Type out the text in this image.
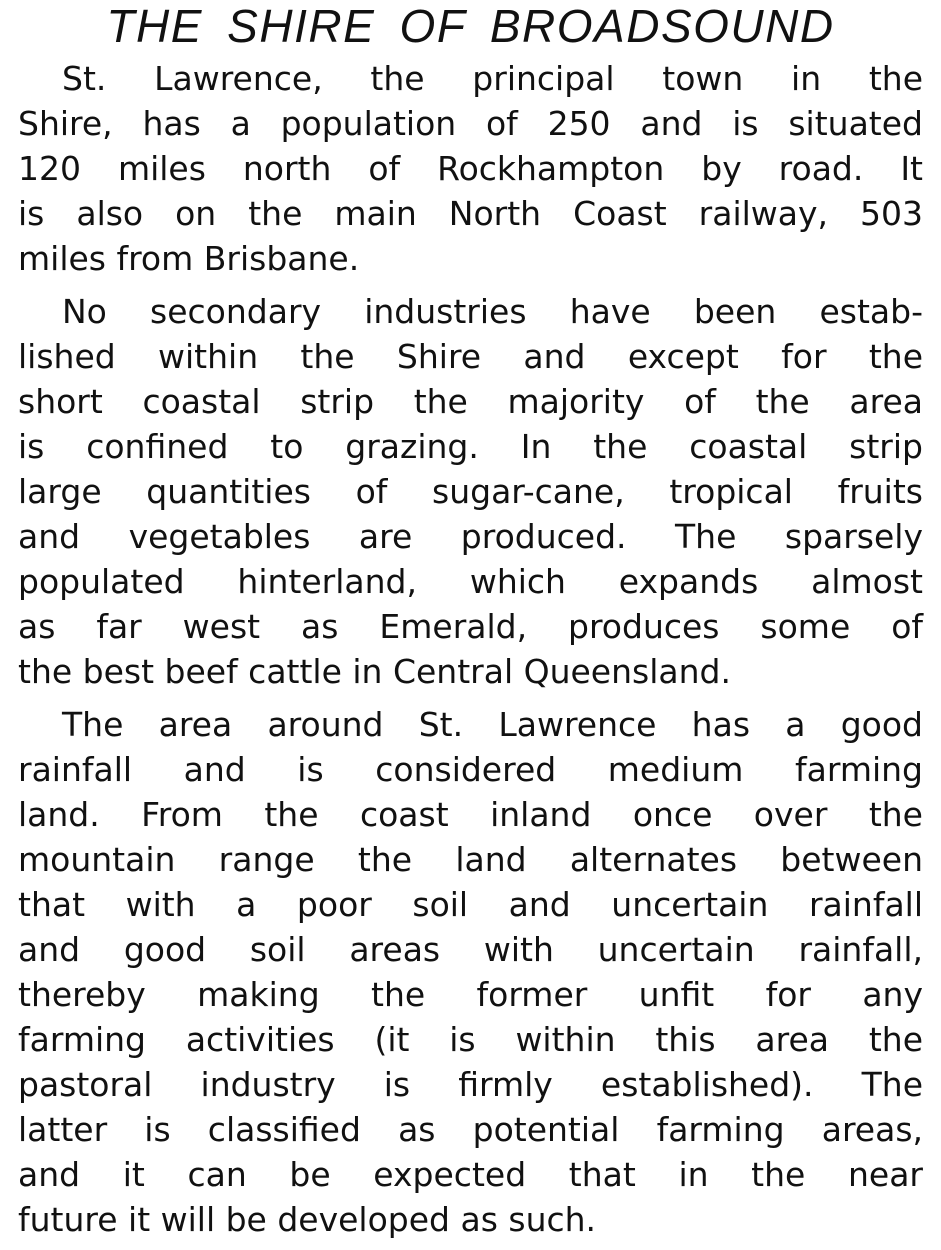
THE SHIRE OF BROADSOUND
St. Lawrence, the principal town in the
Shire, has a population of 250 and is situated
120 miles north of Rockhampton by road. It
is also on the main North Coast railway, 503
miles from Brisbane.
No secondary industries have been estab-
lished within the Shire and except for the
short coastal strip the majority of the area
is confined to grazing. In the coastal strip
large quantities of sugar-cane, tropical fruits
and vegetables are produced. The sparsely
populated hinterland, which expands almost
as far west as Emerald, produces some of
the best beef cattle in Central Queensland.
The area around St. Lawrence has a good
rainfall and is considered medium farming
land. From the coast inland once over the
mountain range the land alternates between
that with a poor soil and uncertain rainfall
and good soil areas with uncertain rainfall,
thereby making the former unfit for any
farming activities (it is within this area the
pastoral industry is firmly established). The
latter is classified as potential farming areas,
and it can be expected that in the near
future it will be developed as such.
